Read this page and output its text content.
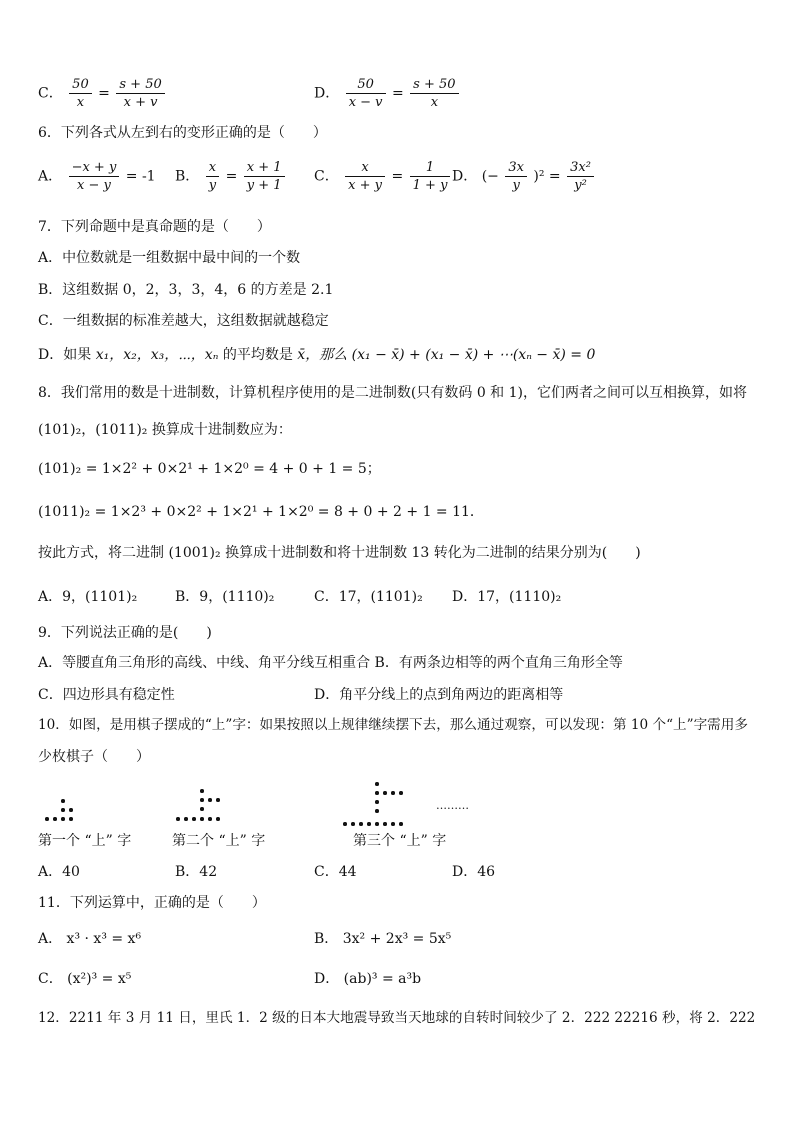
C． $\frac{50}{x} = \frac{s + 50}{x + v}$	D． $\frac{50}{x - v} = \frac{s + 50}{x}$
6．下列各式从左到右的变形正确的是（　　）
A． $\frac{-x + y}{x - y} = -1$ B． $\frac{x}{y} = \frac{x + 1}{y + 1}$ C． $\frac{x}{x + y} = \frac{1}{1 + y}$ D． (− $\frac{3x}{y} )^2 = \frac{\text{3x²}}{\text{y²}}$
7．下列命题中是真命题的是（　　）
A．中位数就是一组数据中最中间的一个数
B．这组数据 0，2，3，3，4，6 的方差是 2.1
C．一组数据的标准差越大，这组数据就越稳定
D．如果 x₁，x₂，x₃，⋯，xₙ 的平均数是 x̄，那么 (x₁ − x̄) + (x₁ − x̄) + ⋯(xₙ − x̄) = 0
8．我们常用的数是十进制数，计算机程序使用的是二进制数(只有数码 0 和 1)，它们两者之间可以互相换算，如将
(101)₂，(1011)₂ 换算成十进制数应为：
(101)₂ = 1×2² + 0×2¹ + 1×2⁰ = 4 + 0 + 1 = 5；
(1011)₂ = 1×2³ + 0×2² + 1×2¹ + 1×2⁰ = 8 + 0 + 2 + 1 = 11．
按此方式，将二进制 (1001)₂ 换算成十进制数和将十进制数 13 转化为二进制的结果分别为(　　)
A．9，(1101)₂	B．9，(1110)₂	C．17，(1101)₂ D．17，(1110)₂
9．下列说法正确的是(　　)
A．等腰直角三角形的高线、中线、角平分线互相重合 B．有两条边相等的两个直角三角形全等
C．四边形具有稳定性	D．角平分线上的点到角两边的距离相等
10．如图，是用棋子摆成的“上”字：如果按照以上规律继续摆下去，那么通过观察，可以发现：第 10 个“上”字需用多
少枚棋子（　　）
………
第一个 “上” 字	第二个 “上” 字	第三个 “上” 字
A．40	B．42	C．44	D．46
11．下列运算中，正确的是（　　）
A． x³ · x³ = x⁶	B． 3x² + 2x³ = 5x⁵
C． (x²)³ = x⁵	D． (ab)³ = a³b
12．2211 年 3 月 11 日，里氏 1．2 级的日本大地震导致当天地球的自转时间较少了 2．222 22216 秒，将 2．222
